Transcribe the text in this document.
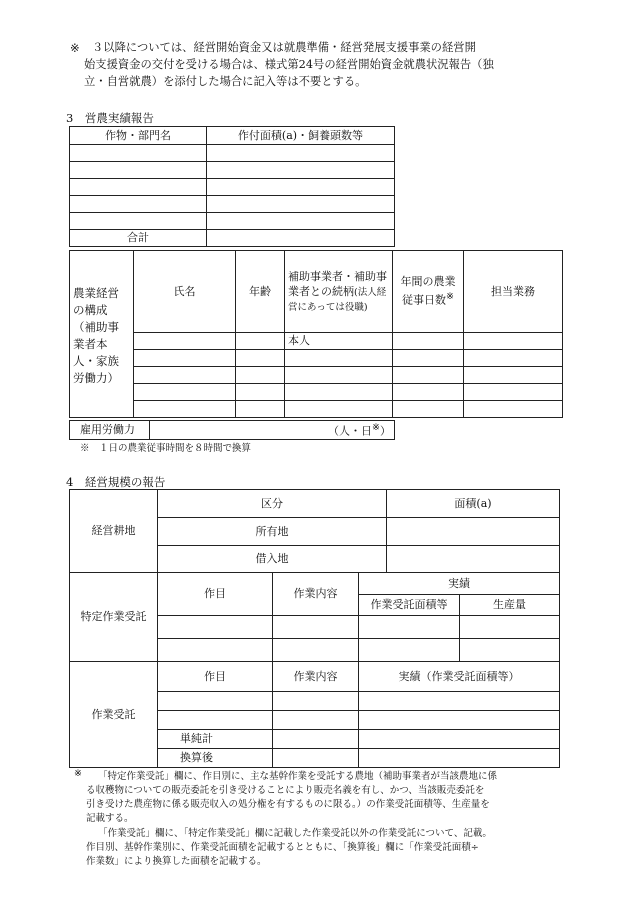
※ ３以降については、経営開始資金又は就農準備・経営発展支援事業の経営開
始支援資金の交付を受ける場合は、様式第24号の経営開始資金就農状況報告（独
立・自営就農）を添付した場合に記入等は不要とする。
3　営農実績報告
作物・部門名	作付面積(a)・飼養頭数等

合計	
農業経営の構成（補助事業者本人・家族労働力）	氏名	年齢	補助事業者・補助事業者との続柄(法人経営にあっては役職)	年間の農業従事日数※	担当業務
			本人		

雇用労働力	（人・日※）
※　１日の農業従事時間を８時間で換算
4　経営規模の報告
経営耕地	区分	面積(a)
	所有地	
	借入地	
特定作業受託	作目	作業内容	実績	
			作業受託面積等	生産量

作業受託	作目	作業内容	実績（作業受託面積等）

	単純計		
	換算後		
※ 「特定作業受託」欄に、作目別に、主な基幹作業を受託する農地（補助事業者が当該農地に係
る収穫物についての販売委託を引き受けることにより販売名義を有し、かつ、当該販売委託を
引き受けた農産物に係る販売収入の処分権を有するものに限る。）の作業受託面積等、生産量を
記載する。
「作業受託」欄に、「特定作業受託」欄に記載した作業受託以外の作業受託について、記載。
作目別、基幹作業別に、作業受託面積を記載するとともに、「換算後」欄に「作業受託面積÷
作業数」により換算した面積を記載する。
